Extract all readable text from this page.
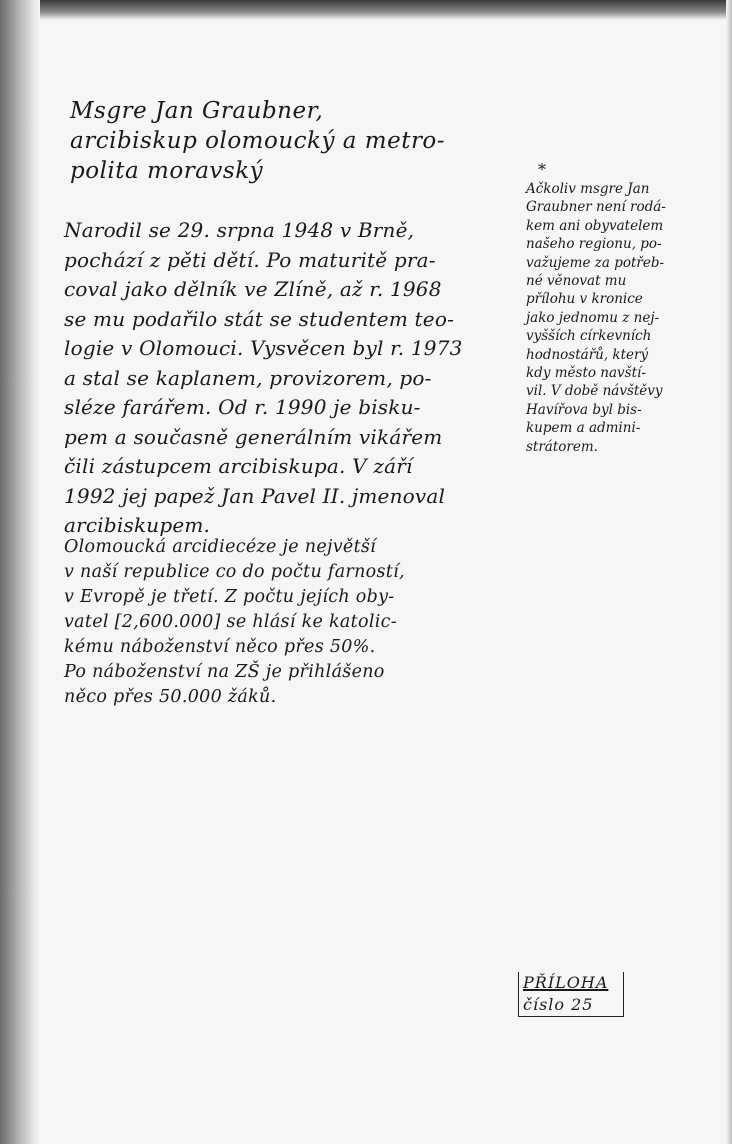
Msgre Jan Graubner,
arcibiskup olomoucký a metro-
polita moravský
Narodil se 29. srpna 1948 v Brně,
pochází z pěti dětí. Po maturitě pra-
coval jako dělník ve Zlíně, až r. 1968
se mu podařilo stát se studentem teo-
logie v Olomouci. Vysvěcen byl r. 1973
a stal se kaplanem, provizorem, po-
sléze farářem. Od r. 1990 je bisku-
pem a současně generálním vikářem
čili zástupcem arcibiskupa. V září
1992 jej papež Jan Pavel II. jmenoval
arcibiskupem.
Olomoucká arcidiecéze je největší
v naší republice co do počtu farností,
v Evropě je třetí. Z počtu jejích oby-
vatel [2,600.000] se hlásí ke katolic-
kému náboženství něco přes 50%.
Po náboženství na ZŠ je přihlášeno
něco přes 50.000 žáků.
*
Ačkoliv msgre Jan
Graubner není rodá-
kem ani obyvatelem
našeho regionu, po-
važujeme za potřeb-
né věnovat mu
přílohu v kronice
jako jednomu z nej-
vyšších církevních
hodnostářů, který
kdy město navští-
vil. V době návštěvy
Havířova byl bis-
kupem a admini-
strátorem.
PŘÍLOHA
číslo 25
